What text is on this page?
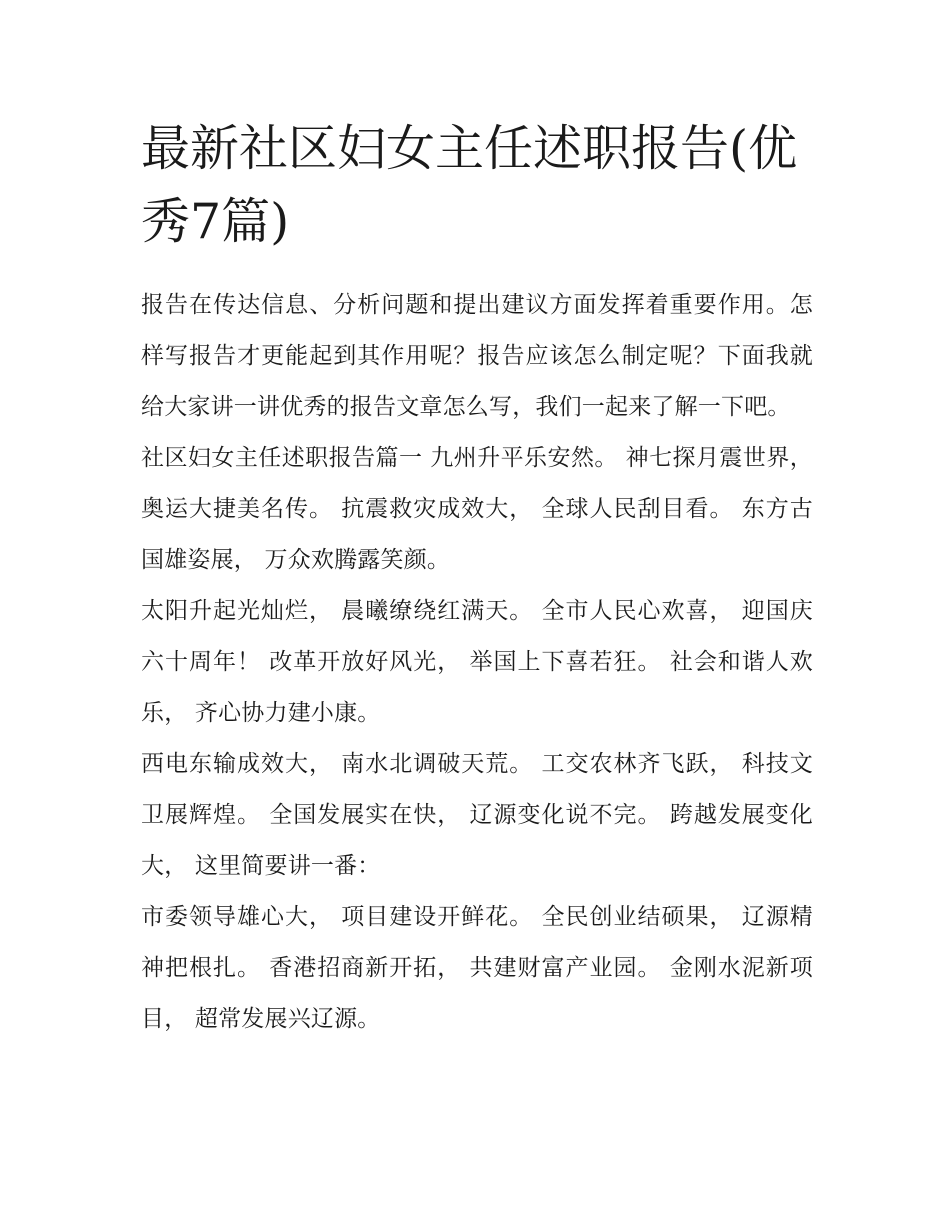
最新社区妇女主任述职报告(优秀7篇)

报告在传达信息、分析问题和提出建议方面发挥着重要作用。怎样写报告才更能起到其作用呢？报告应该怎么制定呢？下面我就给大家讲一讲优秀的报告文章怎么写，我们一起来了解一下吧。

社区妇女主任述职报告篇一 九州升平乐安然。 神七探月震世界， 奥运大捷美名传。 抗震救灾成效大， 全球人民刮目看。 东方古国雄姿展， 万众欢腾露笑颜。

太阳升起光灿烂， 晨曦缭绕红满天。 全市人民心欢喜， 迎国庆六十周年！ 改革开放好风光， 举国上下喜若狂。 社会和谐人欢乐， 齐心协力建小康。

西电东输成效大， 南水北调破天荒。 工交农林齐飞跃， 科技文卫展辉煌。 全国发展实在快， 辽源变化说不完。 跨越发展变化大， 这里简要讲一番：

市委领导雄心大， 项目建设开鲜花。 全民创业结硕果， 辽源精神把根扎。 香港招商新开拓， 共建财富产业园。 金刚水泥新项目， 超常发展兴辽源。
